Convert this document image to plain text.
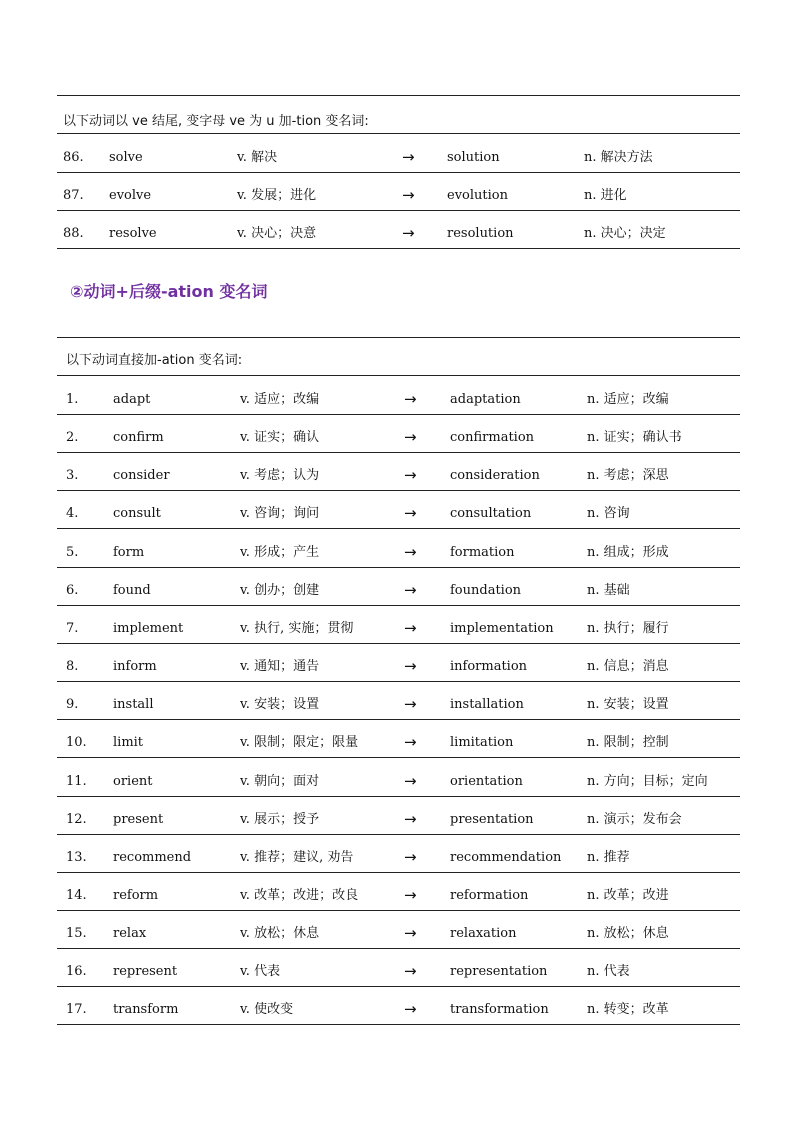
以下动词以 ve 结尾, 变字母 ve 为 u 加-tion 变名词:
86. solve	v. 解决	→ solution	n. 解决方法
87. evolve	v. 发展；进化	→ evolution	n. 进化
88. resolve	v. 决心；决意	→ resolution	n. 决心；决定
②动词+后缀-ation 变名词
以下动词直接加-ation 变名词:
1.	adapt	v. 适应；改编	→	adaptation	n. 适应；改编
2.	confirm	v. 证实；确认	→	confirmation	n. 证实；确认书
3.	consider	v. 考虑；认为	→	consideration	n. 考虑；深思
4.	consult	v. 咨询；询问	→	consultation	n. 咨询
5.	form	v. 形成；产生	→	formation	n. 组成；形成
6.	found	v. 创办；创建	→	foundation	n. 基础
7.	implement	v. 执行, 实施；贯彻	→	implementation	n. 执行；履行
8.	inform	v. 通知；通告	→	information	n. 信息；消息
9.	install	v. 安装；设置	→	installation	n. 安装；设置
10. limit	v. 限制；限定；限量	→	limitation	n. 限制；控制
11. orient	v. 朝向；面对	→	orientation	n. 方向；目标；定向
12. present	v. 展示；授予	→	presentation	n. 演示；发布会
13. recommend	v. 推荐；建议, 劝告	→	recommendation n. 推荐
14. reform	v. 改革；改进；改良	→	reformation	n. 改革；改进
15. relax	v. 放松；休息	→	relaxation	n. 放松；休息
16. represent	v. 代表	→	representation	n. 代表
17. transform	v. 使改变	→	transformation	n. 转变；改革
